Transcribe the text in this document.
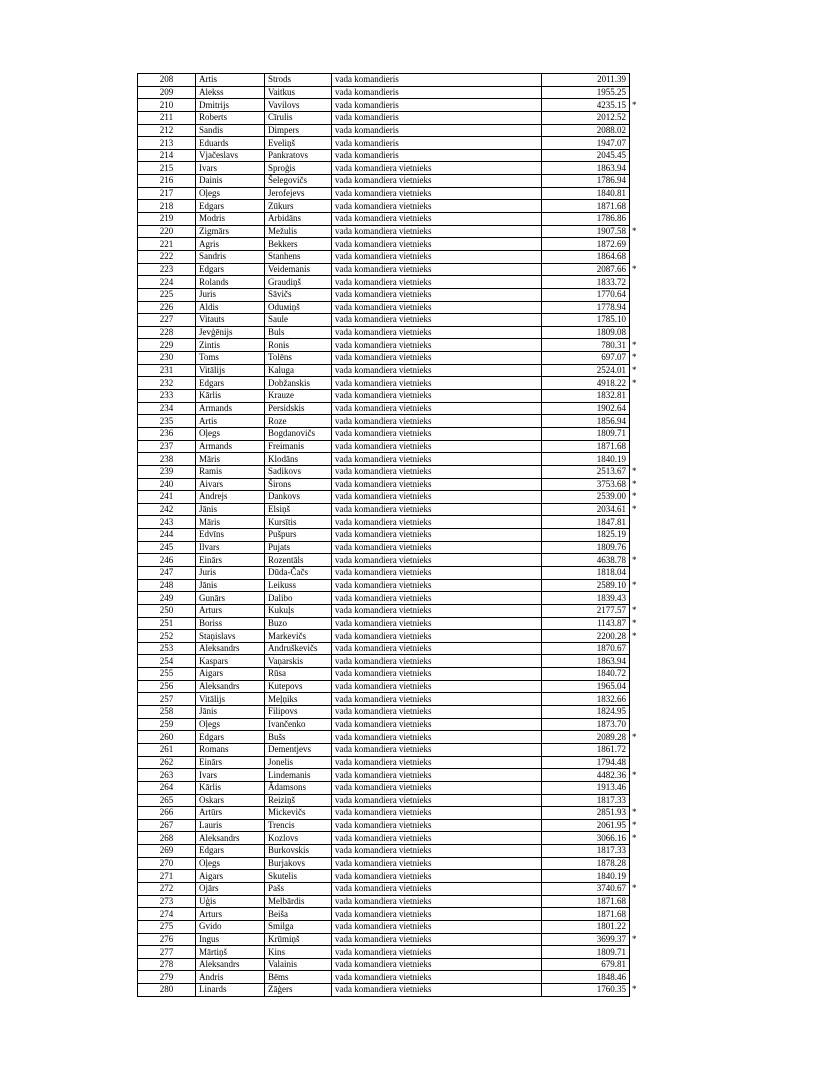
208	Artis	Strods	vada komandieris	2011.39	
209	Alekss	Vaitkus	vada komandieris	1955.25	
210	Dmitrijs	Vavilovs	vada komandieris	4235.15	*
211	Roberts	Cīrulis	vada komandieris	2012.52	
212	Sandis	Dimpers	vada komandieris	2088.02	
213	Eduards	Eveliņš	vada komandieris	1947.07	
214	Vjačeslavs	Pankratovs	vada komandieris	2045.45	
215	Ivars	Sproģis	vada komandiera vietnieks	1863.94	
216	Dainis	Šelegovičs	vada komandiera vietnieks	1786.94	
217	Oļegs	Jerofejevs	vada komandiera vietnieks	1840.81	
218	Edgars	Zūkurs	vada komandiera vietnieks	1871.68	
219	Modris	Arbidāns	vada komandiera vietnieks	1786.86	
220	Zigmārs	Mežulis	vada komandiera vietnieks	1907.58	*
221	Agris	Bekkers	vada komandiera vietnieks	1872.69	
222	Sandris	Stanhens	vada komandiera vietnieks	1864.68	
223	Edgars	Veidemanis	vada komandiera vietnieks	2087.66	*
224	Rolands	Graudiņš	vada komandiera vietnieks	1833.72	
225	Juris	Sāvičs	vada komandiera vietnieks	1770.64	
226	Aldis	Oduміņš	vada komandiera vietnieks	1778.94	
227	Vitauts	Saule	vada komandiera vietnieks	1785.10	
228	Jevģēnijs	Buls	vada komandiera vietnieks	1809.08	
229	Zintis	Ronis	vada komandiera vietnieks	780.31	*
230	Toms	Tolēns	vada komandiera vietnieks	697.07	*
231	Vitālijs	Kaluga	vada komandiera vietnieks	2524.01	*
232	Edgars	Dobžanskis	vada komandiera vietnieks	4918.22	*
233	Kārlis	Krauze	vada komandiera vietnieks	1832.81	
234	Armands	Persidskis	vada komandiera vietnieks	1902.64	
235	Artis	Roze	vada komandiera vietnieks	1856.94	
236	Oļegs	Bogdanovičs	vada komandiera vietnieks	1809.71	
237	Armands	Freimanis	vada komandiera vietnieks	1871.68	
238	Māris	Klodāns	vada komandiera vietnieks	1840.19	
239	Ramis	Sadikovs	vada komandiera vietnieks	2513.67	*
240	Aivars	Širons	vada komandiera vietnieks	3753.68	*
241	Andrejs	Dankovs	vada komandiera vietnieks	2539.00	*
242	Jānis	Elsiņš	vada komandiera vietnieks	2034.61	*
243	Māris	Kursītis	vada komandiera vietnieks	1847.81	
244	Edvīns	Pušpurs	vada komandiera vietnieks	1825.19	
245	Ilvars	Pujats	vada komandiera vietnieks	1809.76	
246	Einārs	Rozentāls	vada komandiera vietnieks	4638.78	*
247	Juris	Dūda-Čačs	vada komandiera vietnieks	1818.04	
248	Jānis	Leikuss	vada komandiera vietnieks	2589.10	*
249	Gunārs	Dalibo	vada komandiera vietnieks	1839.43	
250	Arturs	Kukuļs	vada komandiera vietnieks	2177.57	*
251	Boriss	Buzo	vada komandiera vietnieks	1143.87	*
252	Staņislavs	Markevičs	vada komandiera vietnieks	2200.28	*
253	Aleksandrs	Andruškevičs	vada komandiera vietnieks	1870.67	
254	Kaspars	Vaņarskis	vada komandiera vietnieks	1863.94	
255	Aigars	Rūsa	vada komandiera vietnieks	1840.72	
256	Aleksandrs	Kutepovs	vada komandiera vietnieks	1965.04	
257	Vitālijs	Meļņiks	vada komandiera vietnieks	1832.66	
258	Jānis	Filipovs	vada komandiera vietnieks	1824.95	
259	Oļegs	Ivančenko	vada komandiera vietnieks	1873.70	
260	Edgars	Bušs	vada komandiera vietnieks	2089.28	*
261	Romans	Dementjevs	vada komandiera vietnieks	1861.72	
262	Einārs	Jonelis	vada komandiera vietnieks	1794.48	
263	Ivars	Lindemanis	vada komandiera vietnieks	4482.36	*
264	Kārlis	Ādamsons	vada komandiera vietnieks	1913.46	
265	Oskars	Reiziņš	vada komandiera vietnieks	1817.33	
266	Artūrs	Mickevičs	vada komandiera vietnieks	2851.93	*
267	Lauris	Trencis	vada komandiera vietnieks	2061.95	*
268	Aleksandrs	Kozlovs	vada komandiera vietnieks	3066.16	*
269	Edgars	Burkovskis	vada komandiera vietnieks	1817.33	
270	Oļegs	Burjakovs	vada komandiera vietnieks	1878.28	
271	Aigars	Skutelis	vada komandiera vietnieks	1840.19	
272	Ojārs	Pašs	vada komandiera vietnieks	3740.67	*
273	Uģis	Melbārdis	vada komandiera vietnieks	1871.68	
274	Arturs	Beiša	vada komandiera vietnieks	1871.68	
275	Gvido	Smilga	vada komandiera vietnieks	1801.22	
276	Ingus	Krūmiņš	vada komandiera vietnieks	3699.37	*
277	Mārtiņš	Kins	vada komandiera vietnieks	1809.71	
278	Aleksandrs	Valainis	vada komandiera vietnieks	679.81	
279	Andris	Bēms	vada komandiera vietnieks	1848.46	
280	Linards	Zāģers	vada komandiera vietnieks	1760.35	*
